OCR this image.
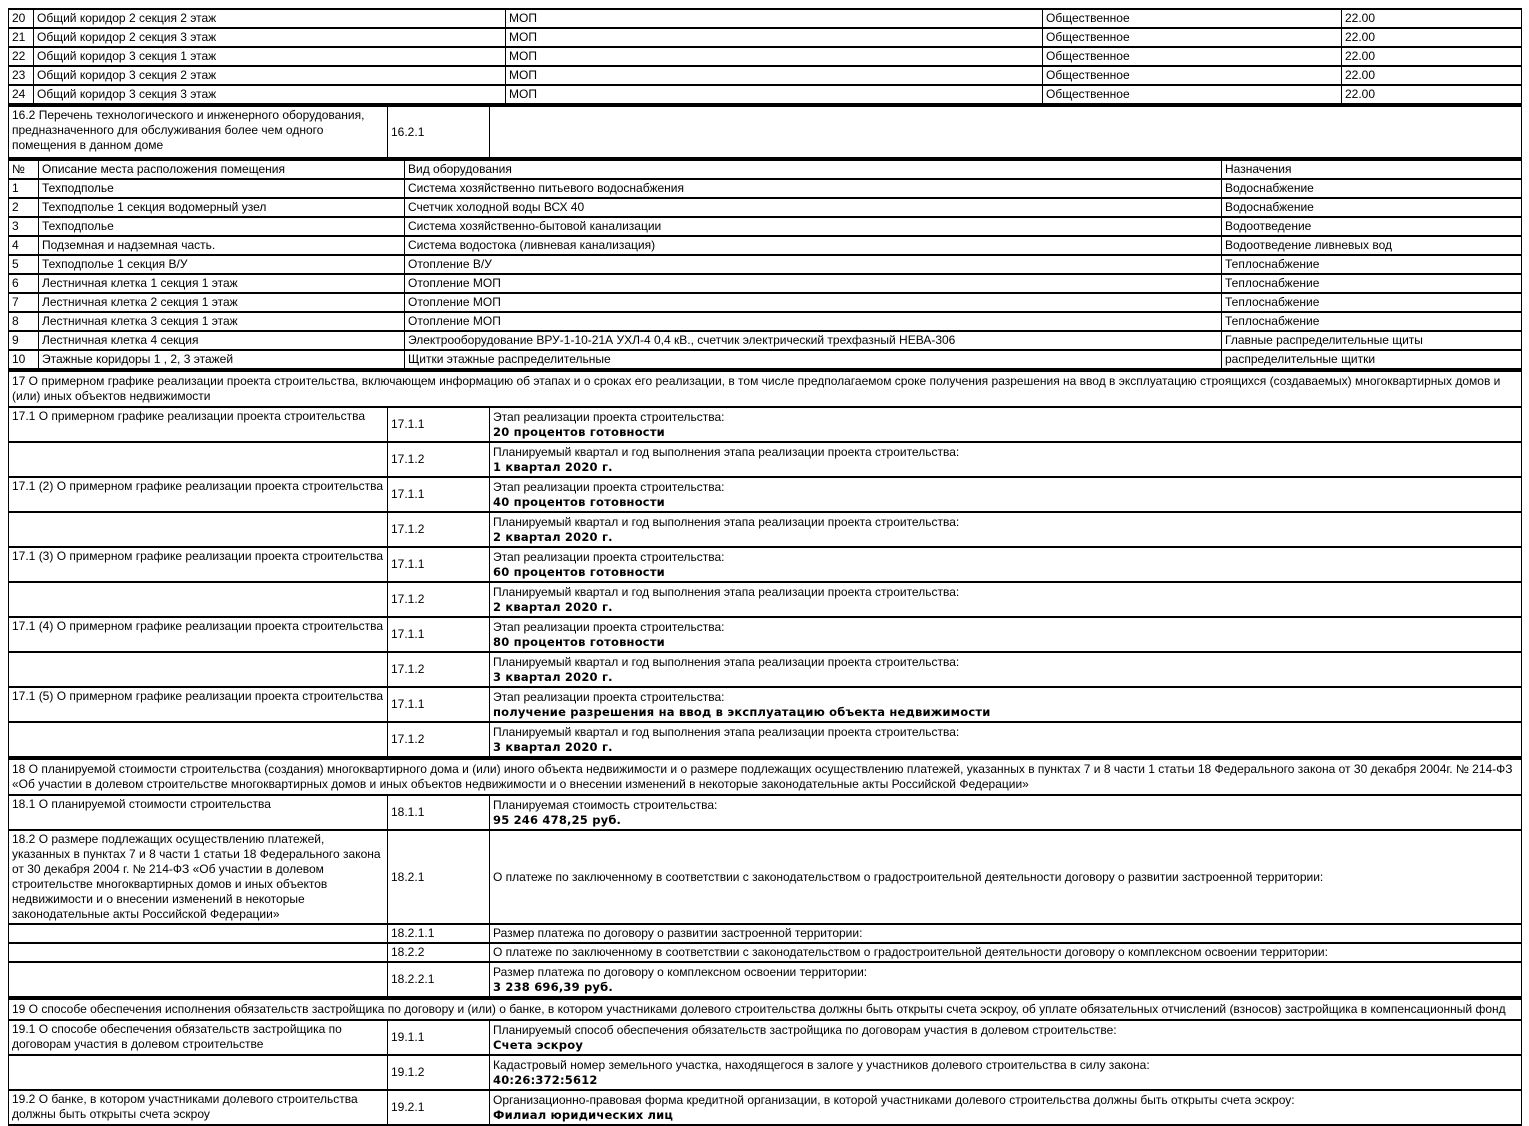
20	Общий коридор 2 секция 2 этаж	МОП	Общественное	22.00
21	Общий коридор 2 секция 3 этаж	МОП	Общественное	22.00
22	Общий коридор 3 секция 1 этаж	МОП	Общественное	22.00
23	Общий коридор 3 секция 2 этаж	МОП	Общественное	22.00
24	Общий коридор 3 секция 3 этаж	МОП	Общественное	22.00
16.2 Перечень технологического и инженерного оборудования, предназначенного для обслуживания более чем одного помещения в данном доме	16.2.1	
№	Описание места расположения помещения	Вид оборудования	Назначения
1	Техподполье	Система хозяйственно питьевого водоснабжения	Водоснабжение
2	Техподполье 1 секция водомерный узел	Счетчик холодной воды ВСХ 40	Водоснабжение
3	Техподполье	Система хозяйственно-бытовой канализации	Водоотведение
4	Подземная и надземная часть.	Система водостока (ливневая канализация)	Водоотведение ливневых вод
5	Техподполье 1 секция В/У	Отопление В/У	Теплоснабжение
6	Лестничная клетка 1 секция 1 этаж	Отопление МОП	Теплоснабжение
7	Лестничная клетка 2 секция 1 этаж	Отопление МОП	Теплоснабжение
8	Лестничная клетка 3 секция 1 этаж	Отопление МОП	Теплоснабжение
9	Лестничная клетка 4 секция	Электрооборудование ВРУ-1-10-21А УХЛ-4 0,4 кВ., счетчик электрический трехфазный НЕВА-306	Главные распределительные щиты
10	Этажные коридоры 1 , 2, 3 этажей	Щитки этажные распределительные	распределительные щитки
17 О примерном графике реализации проекта строительства, включающем информацию об этапах и о сроках его реализации, в том числе предполагаемом сроке получения разрешения на ввод в эксплуатацию строящихся (создаваемых) многоквартирных домов и (или) иных объектов недвижимости		
17.1 О примерном графике реализации проекта строительства	17.1.1	Этап реализации проекта строительства:
20 процентов готовности

	17.1.2	Планируемый квартал и год выполнения этапа реализации проекта строительства:
1 квартал 2020 г.

17.1 (2) О примерном графике реализации проекта строительства	17.1.1	Этап реализации проекта строительства:
40 процентов готовности

	17.1.2	Планируемый квартал и год выполнения этапа реализации проекта строительства:
2 квартал 2020 г.

17.1 (3) О примерном графике реализации проекта строительства	17.1.1	Этап реализации проекта строительства:
60 процентов готовности

	17.1.2	Планируемый квартал и год выполнения этапа реализации проекта строительства:
2 квартал 2020 г.

17.1 (4) О примерном графике реализации проекта строительства	17.1.1	Этап реализации проекта строительства:
80 процентов готовности

	17.1.2	Планируемый квартал и год выполнения этапа реализации проекта строительства:
3 квартал 2020 г.

17.1 (5) О примерном графике реализации проекта строительства	17.1.1	Этап реализации проекта строительства:
получение разрешения на ввод в эксплуатацию объекта недвижимости

	17.1.2	Планируемый квартал и год выполнения этапа реализации проекта строительства:
3 квартал 2020 г.
18 О планируемой стоимости строительства (создания) многоквартирного дома и (или) иного объекта недвижимости и о размере подлежащих осуществлению платежей, указанных в пунктах 7 и 8 части 1 статьи 18 Федерального закона от 30 декабря 2004г. № 214-ФЗ «Об участии в долевом строительстве многоквартирных домов и иных объектов недвижимости и о внесении изменений в некоторые законодательные акты Российской Федерации»		
18.1 О планируемой стоимости строительства	18.1.1	Планируемая стоимость строительства:
95 246 478,25 руб.

18.2 О размере подлежащих осуществлению платежей, указанных в пунктах 7 и 8 части 1 статьи 18 Федерального закона от 30 декабря 2004 г. № 214-ФЗ «Об участии в долевом строительстве многоквартирных домов и иных объектов недвижимости и о внесении изменений в некоторые законодательные акты Российской Федерации»	18.2.1	О платеже по заключенному в соответствии с законодательством о градостроительной деятельности договору о развитии застроенной территории:

	18.2.1.1	Размер платежа по договору о развитии застроенной территории:

	18.2.2	О платеже по заключенному в соответствии с законодательством о градостроительной деятельности договору о комплексном освоении территории:

	18.2.2.1	Размер платежа по договору о комплексном освоении территории:
3 238 696,39 руб.
19 О способе обеспечения исполнения обязательств застройщика по договору и (или) о банке, в котором участниками долевого строительства должны быть открыты счета эскроу, об уплате обязательных отчислений (взносов) застройщика в компенсационный фонд		
19.1 О способе обеспечения обязательств застройщика по договорам участия в долевом строительстве	19.1.1	Планируемый способ обеспечения обязательств застройщика по договорам участия в долевом строительстве:
Счета эскроу

	19.1.2	Кадастровый номер земельного участка, находящегося в залоге у участников долевого строительства в силу закона:
40:26:372:5612

19.2 О банке, в котором участниками долевого строительства должны быть открыты счета эскроу	19.2.1	Организационно-правовая форма кредитной организации, в которой участниками долевого строительства должны быть открыты счета эскроу:
Филиал юридических лиц
